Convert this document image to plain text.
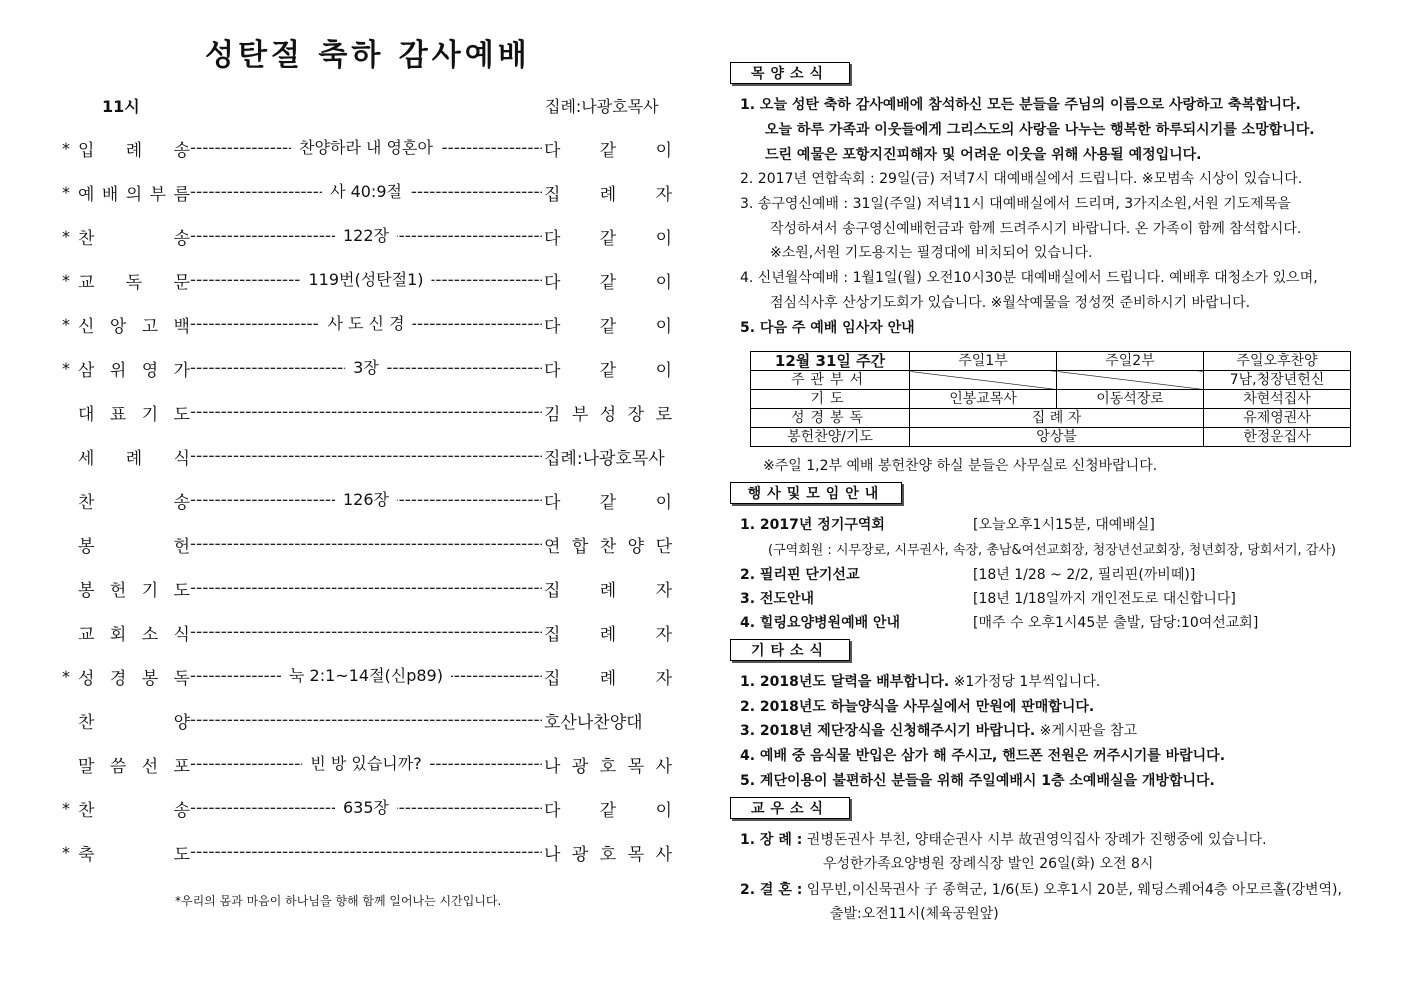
성탄절 축하 감사예배
11시	집례:나광호목사
* 입 례 송 -----	찬양하라 내 영혼아	다 같 이
* 예 배 의 부 름 -----	사 40:9절	집 례 자
* 찬	송 -----	122장	다 같 이
* 교 독 문 -----	119번(성탄절1)	다 같 이
* 신 앙 고 백 -----	사 도 신 경	다 같 이
* 삼 위 영 가 -----	3장	다 같 이
대 표 기 도 -----	김 부 성 장 로
세 례 식 -----	집례:나광호목사
찬	송 -----	126장	다 같 이
봉	헌 -----	연 합 찬 양 단
봉 헌 기 도 -----	집 례 자
교 회 소 식 -----	집 례 자
* 성 경 봉 독 -----	눅 2:1~14절(신p89)	집 례 자
찬	양 -----	호산나찬양대
말 씀 선 포 -----	빈 방 있습니까?	나 광 호 목 사
* 찬	송 -----	635장	다 같 이
* 축	도 -----	나 광 호 목 사
*우리의 몸과 마음이 하나님을 향해 함께 일어나는 시간입니다.
목양소식
1. 오늘 성탄 축하 감사예배에 참석하신 모든 분들을 주님의 이름으로 사랑하고 축복합니다.
오늘 하루 가족과 이웃들에게 그리스도의 사랑을 나누는 행복한 하루되시기를 소망합니다.
드린 예물은 포항지진피해자 및 어려운 이웃을 위해 사용될 예정입니다.
2. 2017년 연합속회 : 29일(금) 저녁7시 대예배실에서 드립니다. ※모범속 시상이 있습니다.
3. 송구영신예배 : 31일(주일) 저녁11시 대예배실에서 드리며, 3가지소원,서원 기도제목을
작성하셔서 송구영신예배헌금과 함께 드려주시기 바랍니다. 온 가족이 함께 참석합시다.
※소원,서원 기도용지는 필경대에 비치되어 있습니다.
4. 신년월삭예배 : 1월1일(월) 오전10시30분 대예배실에서 드립니다. 예배후 대청소가 있으며,
점심식사후 산상기도회가 있습니다. ※월삭예물을 정성껏 준비하시기 바랍니다.
5. 다음 주 예배 임사자 안내
12월 31일 주간	주일1부	주일2부	주일오후찬양
주관부서			7남,청장년헌신
기도	인봉교목사	이동석장로	차현석집사
성경봉독	집 례 자		유제영권사
봉헌찬양/기도	앙상블		한정운집사
※주일 1,2부 예배 봉헌찬양 하실 분들은 사무실로 신청바랍니다.
행사및모임안내
1. 2017년 정기구역회	[오늘오후1시15분, 대예배실]
(구역회원 : 시무장로, 시무권사, 속장, 총남&여선교회장, 청장년선교회장, 청년회장, 당회서기, 감사)
2. 필리핀 단기선교	[18년 1/28 ~ 2/2, 필리핀(까비떼)]
3. 전도안내	[18년 1/18일까지 개인전도로 대신합니다]
4. 힐링요양병원예배 안내	[매주 수 오후1시45분 출발, 담당:10여선교회]
기타소식
1. 2018년도 달력을 배부합니다. ※1가정당 1부씩입니다.
2. 2018년도 하늘양식을 사무실에서 만원에 판매합니다.
3. 2018년 제단장식을 신청해주시기 바랍니다. ※게시판을 참고
4. 예배 중 음식물 반입은 삼가 해 주시고, 핸드폰 전원은 꺼주시기를 바랍니다.
5. 계단이용이 불편하신 분들을 위해 주일예배시 1층 소예배실을 개방합니다.
교우소식
1. 장 례 : 권병돈권사 부친, 양태순권사 시부 故권영익집사 장례가 진행중에 있습니다.
우성한가족요양병원 장례식장 발인 26일(화) 오전 8시
2. 결 혼 : 임무빈,이신묵권사 子 종혁군, 1/6(토) 오후1시 20분, 웨딩스퀘어4층 아모르홀(강변역),
출발:오전11시(체육공원앞)
